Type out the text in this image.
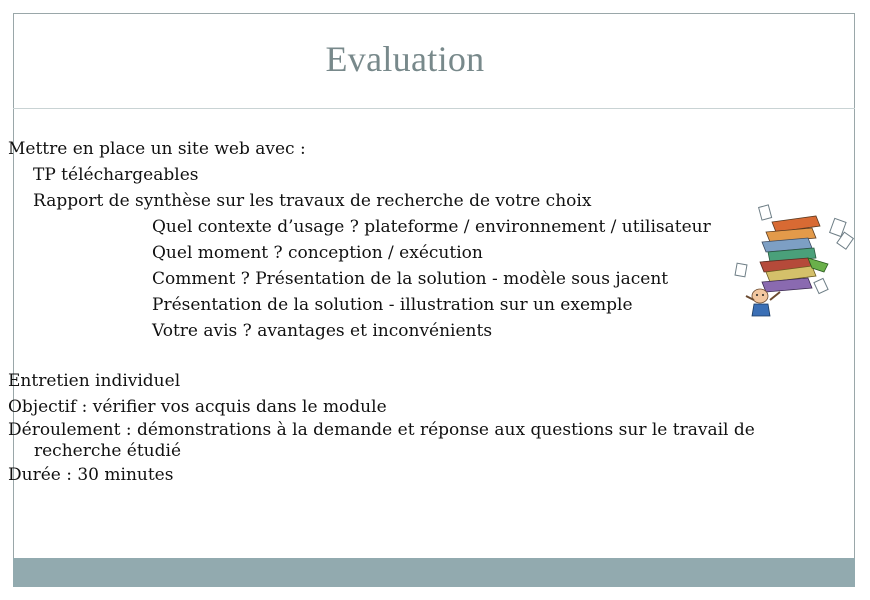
Evaluation
Mettre en place un site web avec :
TP téléchargeables
Rapport de synthèse sur les travaux de recherche de votre choix
Quel contexte d’usage ? plateforme / environnement / utilisateur
Quel moment ? conception / exécution
Comment ? Présentation de la solution - modèle sous jacent
Présentation de la solution - illustration sur un exemple
Votre avis ? avantages et inconvénients
Entretien individuel
Objectif : vérifier vos acquis dans le module
Déroulement : démonstrations à la demande et réponse aux questions sur le travail de recherche étudié
Durée : 30 minutes
